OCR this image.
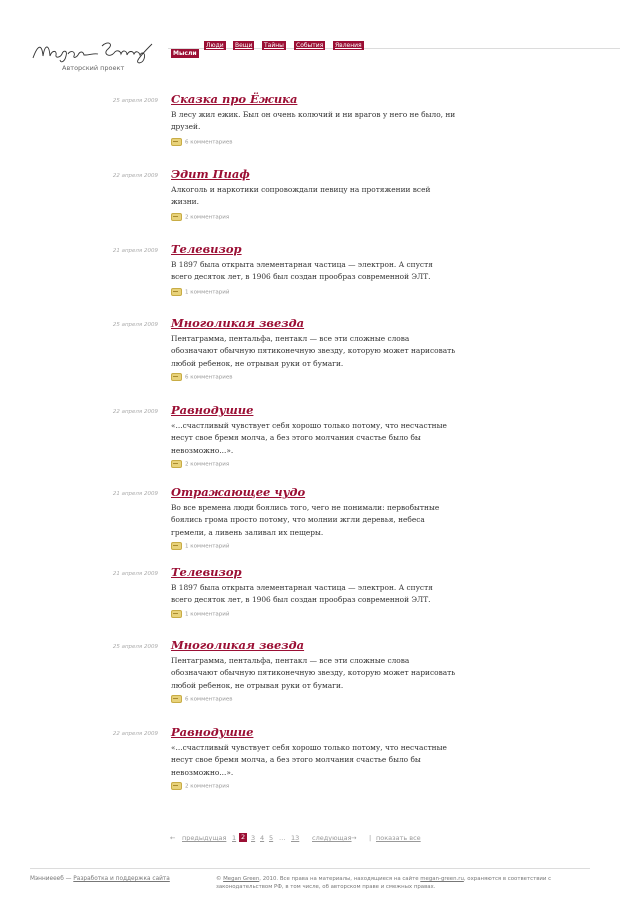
Авторский проект
Люди	Вещи	Тайны	События	Явления
Мысли
25 апреля 2009 Сказка про Ёжика
В лесу жил ежик. Был он очень колючий и ни врагов у него не было, ни друзей.
6 комментариев
22 апреля 2009 Эдит Пиаф
Алкоголь и наркотики сопровождали певицу на протяжении всей жизни.
2 комментария
21 апреля 2009 Телевизор
В 1897 была открыта элементарная частица — электрон. А спустя всего десяток лет, в 1906 был создан прообраз современной ЭЛТ.
1 комментарий
25 апреля 2009 Многоликая звезда
Пентаграмма, пентальфа, пентакл — все эти сложные слова обозначают обычную пятиконечную звезду, которую может нарисовать любой ребенок, не отрывая руки от бумаги.
6 комментариев
22 апреля 2009 Равнодушие
«...счастливый чувствует себя хорошо только потому, что несчастные несут свое бремя молча, а без этого молчания счастье было бы невозможно...».
2 комментария
21 апреля 2009 Отражающее чудо
Во все времена люди боялись того, чего не понимали: первобытные боялись грома просто потому, что молнии жгли деревья, небеса гремели, а ливень заливал их пещеры.
1 комментарий
21 апреля 2009 Телевизор
В 1897 была открыта элементарная частица — электрон. А спустя всего десяток лет, в 1906 был создан прообраз современной ЭЛТ.
1 комментарий
25 апреля 2009 Многоликая звезда
Пентаграмма, пентальфа, пентакл — все эти сложные слова обозначают обычную пятиконечную звезду, которую может нарисовать любой ребенок, не отрывая руки от бумаги.
6 комментариев
22 апреля 2009 Равнодушие
«...счастливый чувствует себя хорошо только потому, что несчастные несут свое бремя молча, а без этого молчания счастье было бы невозможно...».
2 комментария
← предыдущая 1 2 3 4 5 … 13 следующая → | показать все
Мэнниеееб — Разработка и поддержка сайта	© Megan Green, 2010. Все права на материалы, находящиеся на сайте megan-green.ru, охраняются в соответствии с законодательством РФ, в том числе, об авторском праве и смежных правах.
